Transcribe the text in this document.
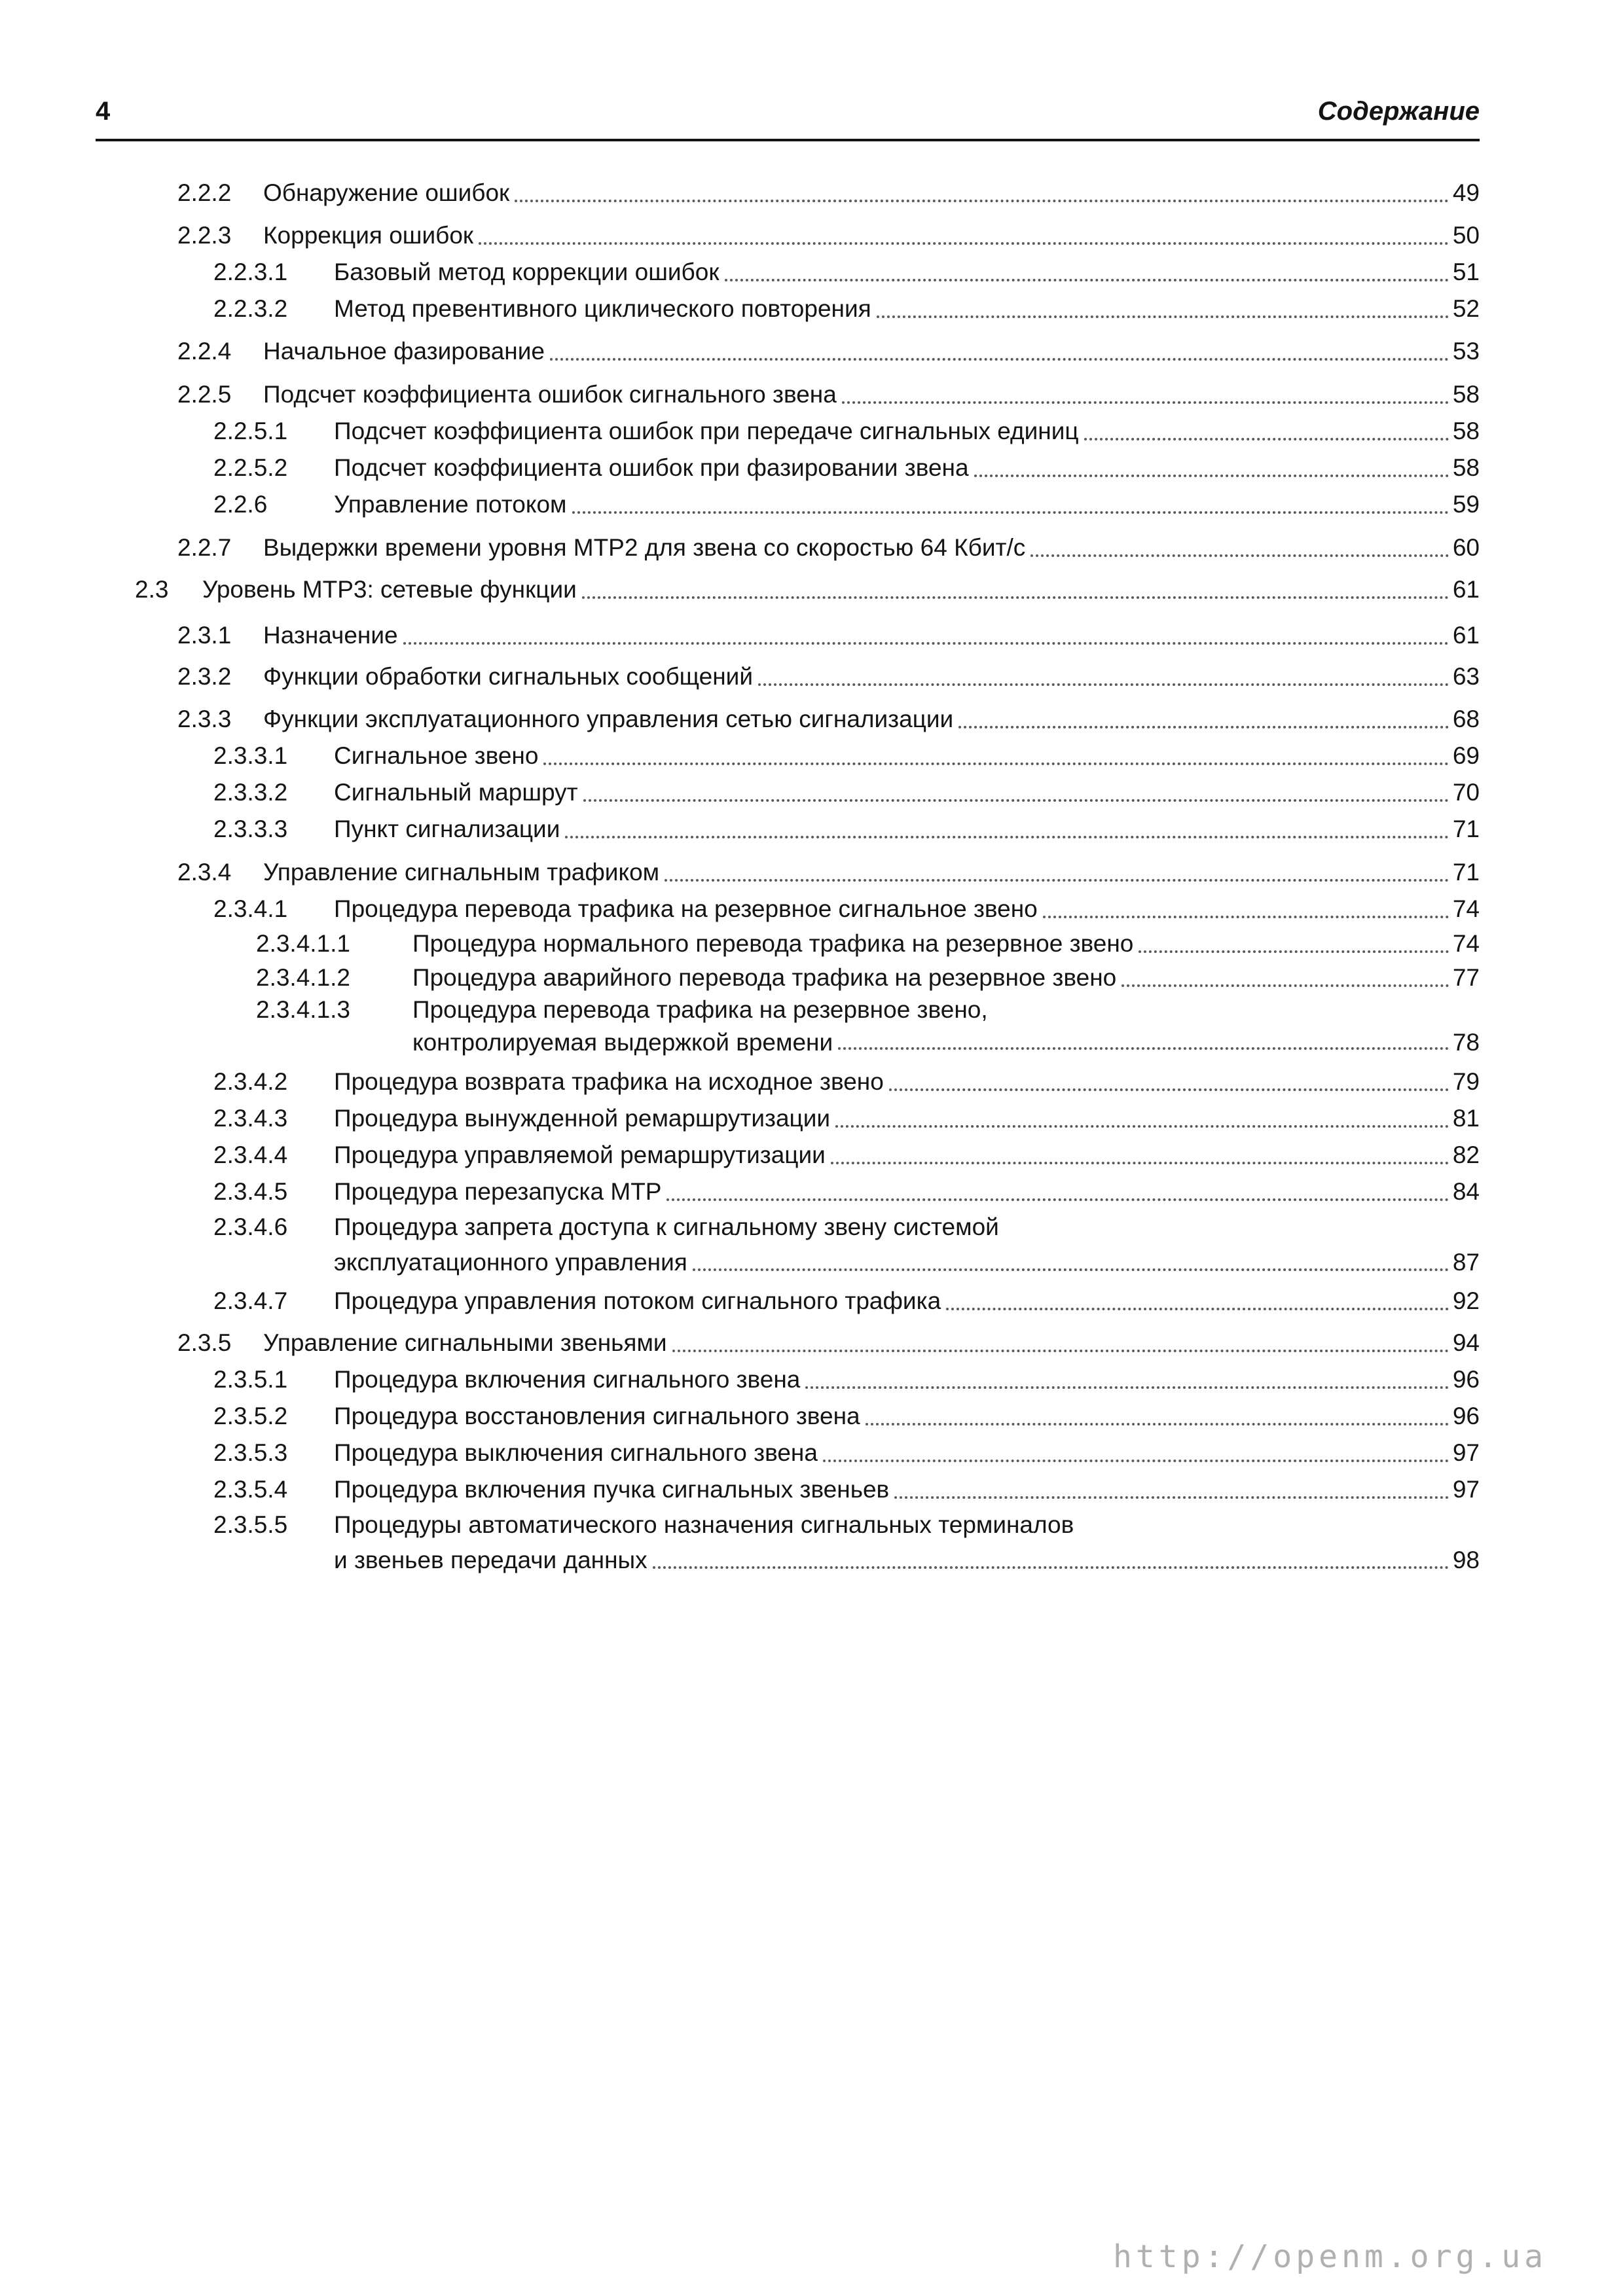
4	Содержание
2.2.2 Обнаружение ошибок	49
2.2.3 Коррекция ошибок	50
2.2.3.1 Базовый метод коррекции ошибок	51
2.2.3.2 Метод превентивного циклического повторения	52
2.2.4 Начальное фазирование	53
2.2.5 Подсчет коэффициента ошибок сигнального звена	58
2.2.5.1 Подсчет коэффициента ошибок при передаче сигнальных единиц	58
2.2.5.2 Подсчет коэффициента ошибок при фазировании звена	58
2.2.6	Управление потоком	59
2.2.7 Выдержки времени уровня МТР2 для звена со скоростью 64 Кбит/с	60
2.3 Уровень МТР3: сетевые функции	61
2.3.1 Назначение	61
2.3.2 Функции обработки сигнальных сообщений	63
2.3.3 Функции эксплуатационного управления сетью сигнализации	68
2.3.3.1 Сигнальное звено	69
2.3.3.2 Сигнальный маршрут	70
2.3.3.3 Пункт сигнализации	71
2.3.4 Управление сигнальным трафиком	71
2.3.4.1 Процедура перевода трафика на резервное сигнальное звено	74
2.3.4.1.1	Процедура нормального перевода трафика на резервное звено	74
2.3.4.1.2	Процедура аварийного перевода трафика на резервное звено	77
2.3.4.1.3	Процедура перевода трафика на резервное звено,
контролируемая выдержкой времени	78
2.3.4.2 Процедура возврата трафика на исходное звено	79
2.3.4.3 Процедура вынужденной ремаршрутизации	81
2.3.4.4 Процедура управляемой ремаршрутизации	82
2.3.4.5 Процедура перезапуска МТР	84
2.3.4.6 Процедура запрета доступа к сигнальному звену системой
эксплуатационного управления	87
2.3.4.7 Процедура управления потоком сигнального трафика	92
2.3.5 Управление сигнальными звеньями	94
2.3.5.1 Процедура включения сигнального звена	96
2.3.5.2 Процедура восстановления сигнального звена	96
2.3.5.3 Процедура выключения сигнального звена	97
2.3.5.4 Процедура включения пучка сигнальных звеньев	97
2.3.5.5 Процедуры автоматического назначения сигнальных терминалов
и звеньев передачи данных	98
http://openm.org.ua
